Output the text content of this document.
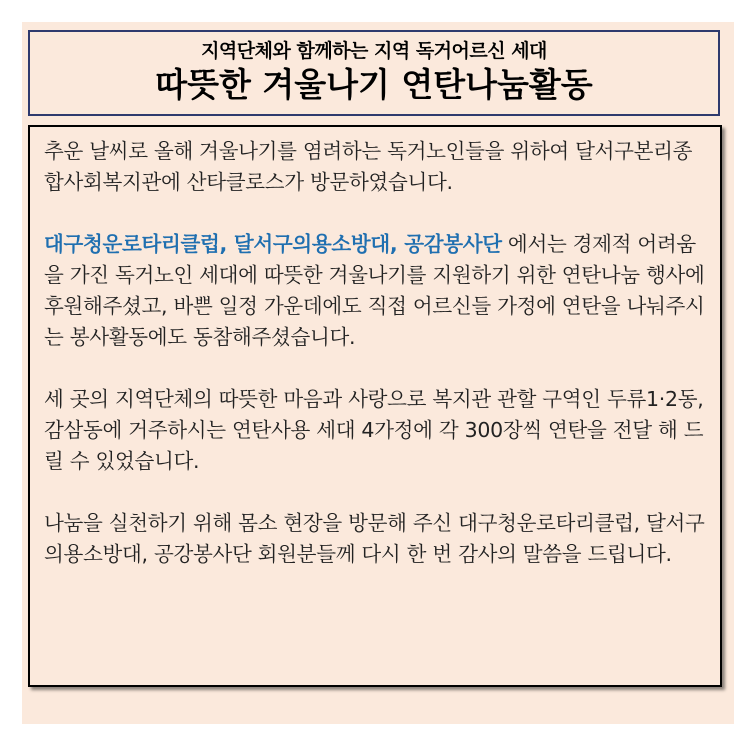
지역단체와 함께하는 지역 독거어르신 세대
따뜻한 겨울나기 연탄나눔활동

추운 날씨로 올해 겨울나기를 염려하는 독거노인들을 위하여 달서구본리종합사회복지관에 산타클로스가 방문하였습니다.

대구청운로타리클럽, 달서구의용소방대, 공감봉사단 에서는 경제적 어려움을 가진 독거노인 세대에 따뜻한 겨울나기를 지원하기 위한 연탄나눔 행사에 후원해주셨고, 바쁜 일정 가운데에도 직접 어르신들 가정에 연탄을 나눠주시는 봉사활동에도 동참해주셨습니다.

세 곳의 지역단체의 따뜻한 마음과 사랑으로 복지관 관할 구역인 두류1·2동, 감삼동에 거주하시는 연탄사용 세대 4가정에 각 300장씩 연탄을 전달 해 드릴 수 있었습니다.

나눔을 실천하기 위해 몸소 현장을 방문해 주신 대구청운로타리클럽, 달서구의용소방대, 공강봉사단 회원분들께 다시 한 번 감사의 말씀을 드립니다.
